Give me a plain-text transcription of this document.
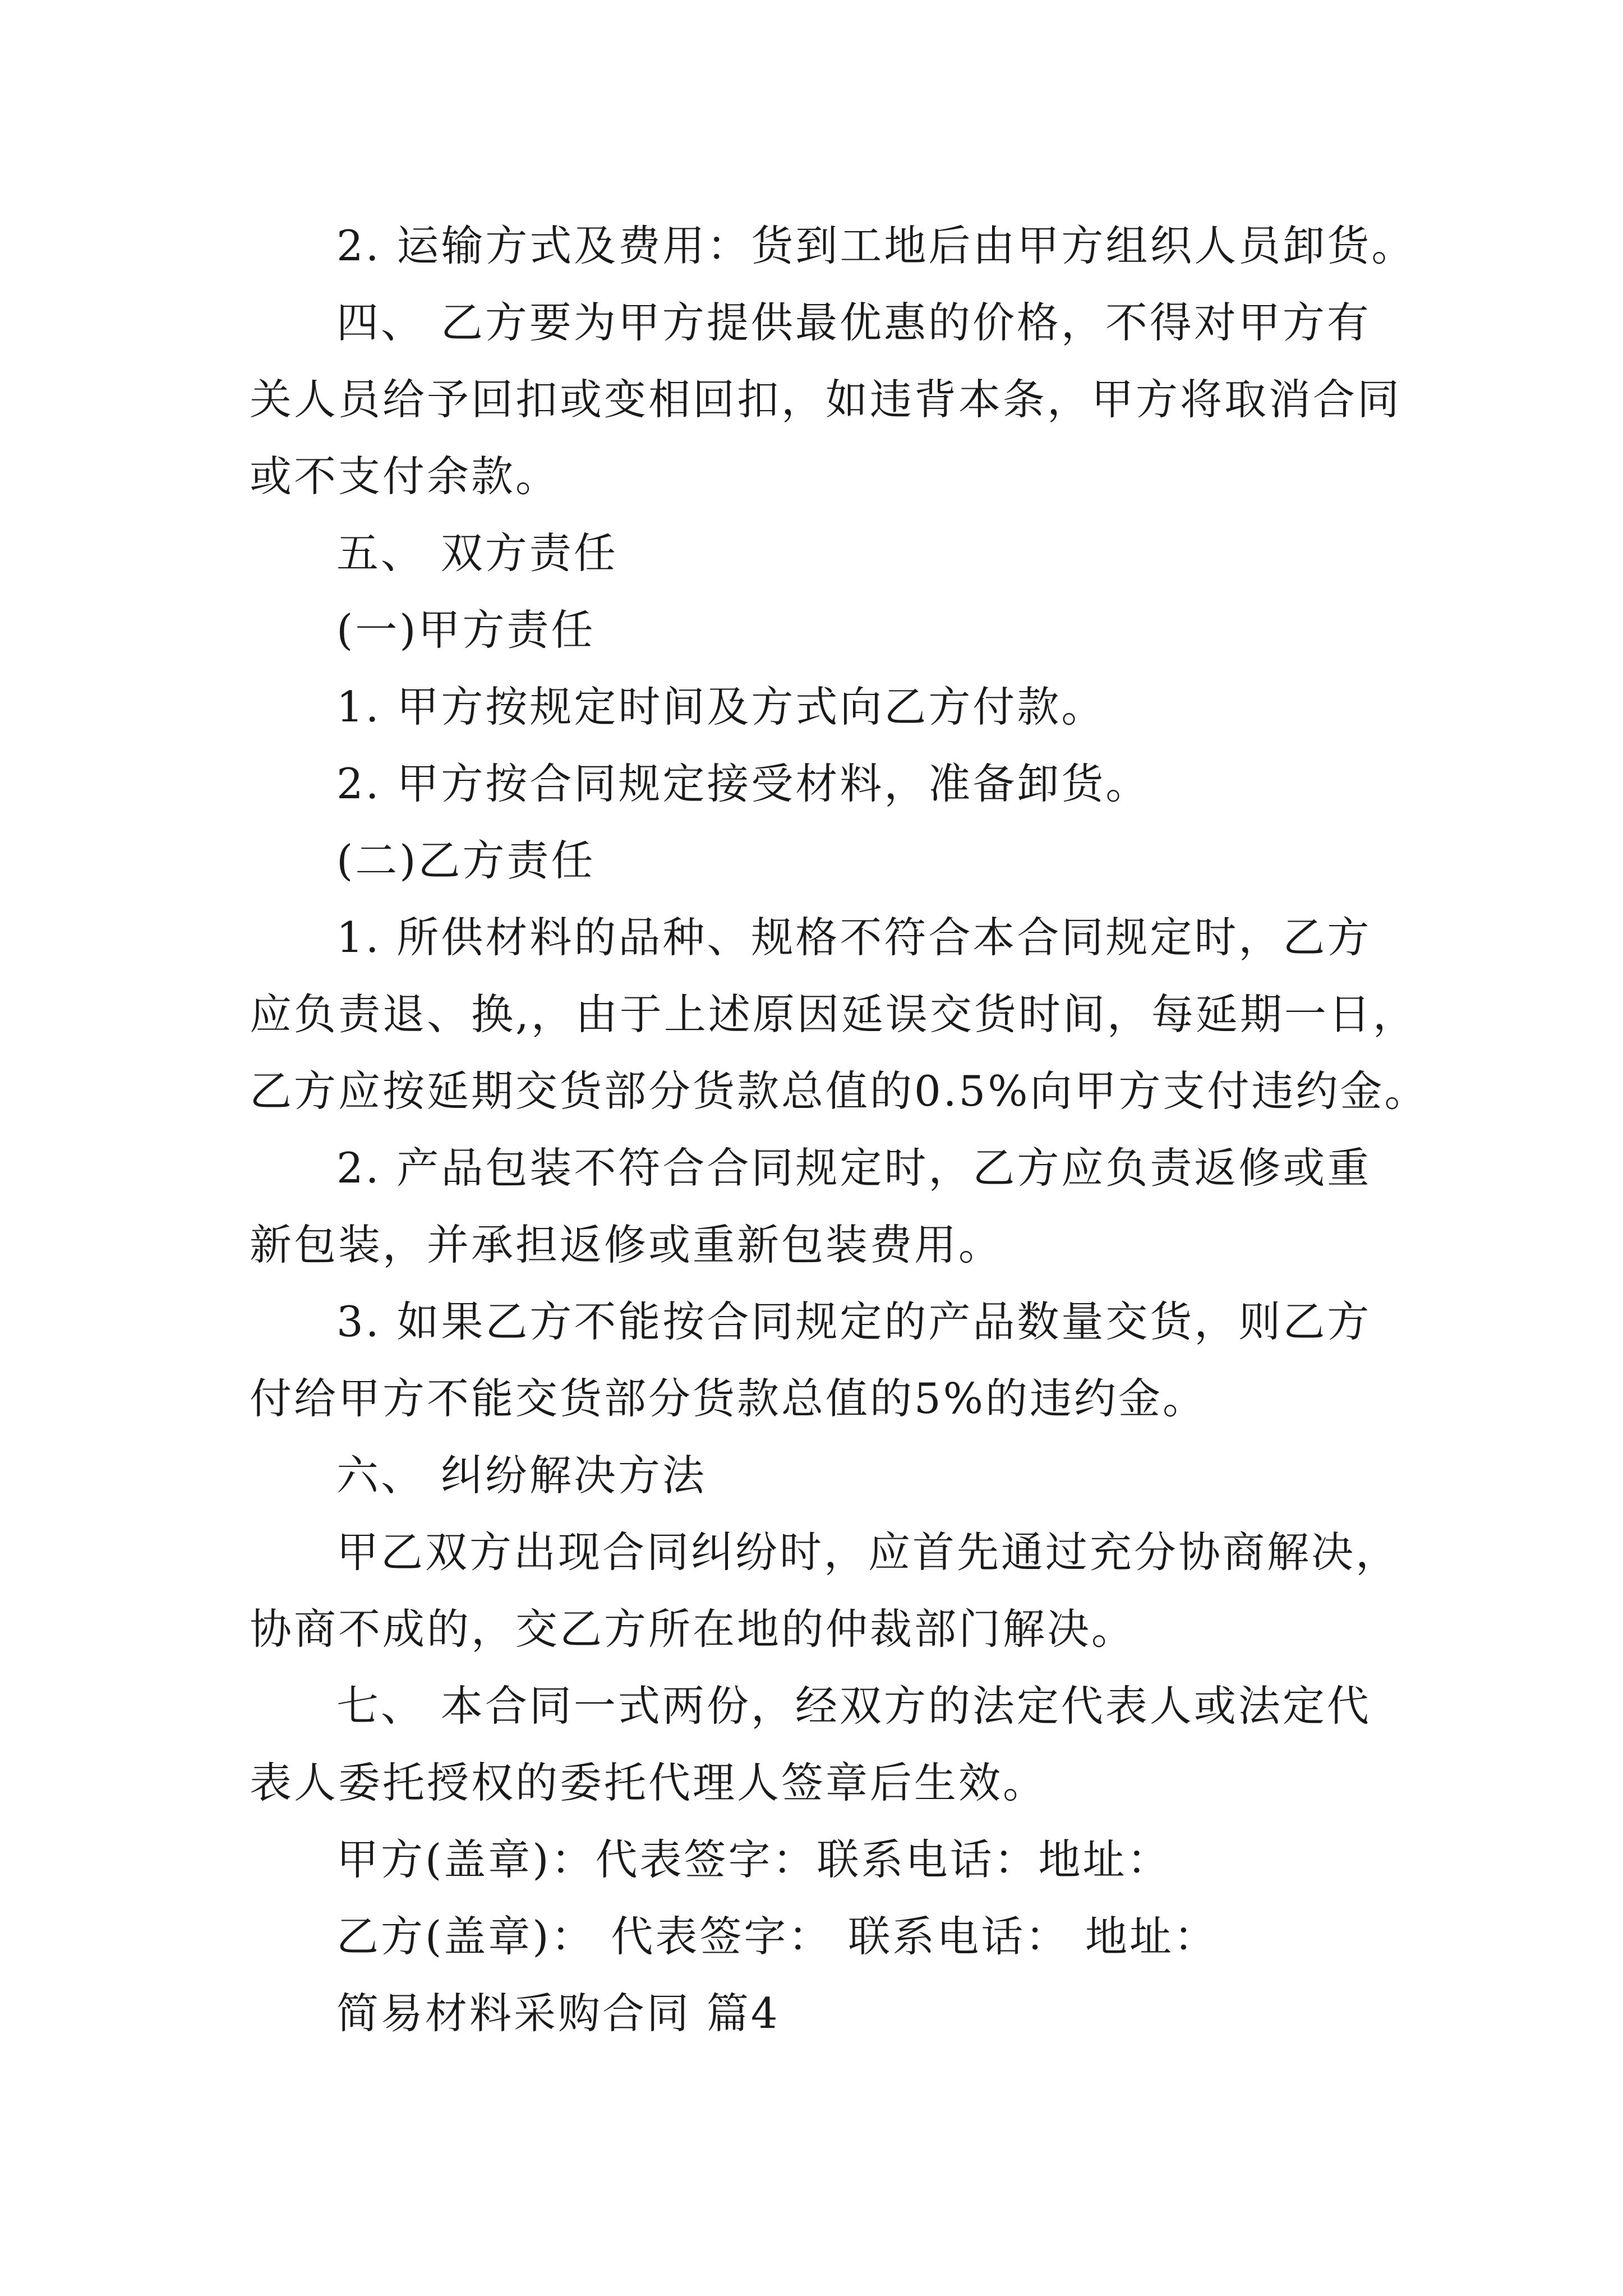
2. 运输方式及费用：货到工地后由甲方组织人员卸货。

四、 乙方要为甲方提供最优惠的价格，不得对甲方有

关人员给予回扣或变相回扣，如违背本条，甲方将取消合同

或不支付余款。

五、 双方责任

(一)甲方责任

1. 甲方按规定时间及方式向乙方付款。

2. 甲方按合同规定接受材料，准备卸货。

(二)乙方责任

1. 所供材料的品种、规格不符合本合同规定时，乙方

应负责退、换,，由于上述原因延误交货时间，每延期一日，

乙方应按延期交货部分货款总值的0.5%向甲方支付违约金。

2. 产品包装不符合合同规定时，乙方应负责返修或重

新包装，并承担返修或重新包装费用。

3. 如果乙方不能按合同规定的产品数量交货，则乙方

付给甲方不能交货部分货款总值的5%的违约金。

六、 纠纷解决方法

甲乙双方出现合同纠纷时，应首先通过充分协商解决，

协商不成的，交乙方所在地的仲裁部门解决。

七、 本合同一式两份，经双方的法定代表人或法定代

表人委托授权的委托代理人签章后生效。

甲方(盖章)：代表签字：联系电话：地址：

乙方(盖章)： 代表签字： 联系电话： 地址：

简易材料采购合同 篇4
